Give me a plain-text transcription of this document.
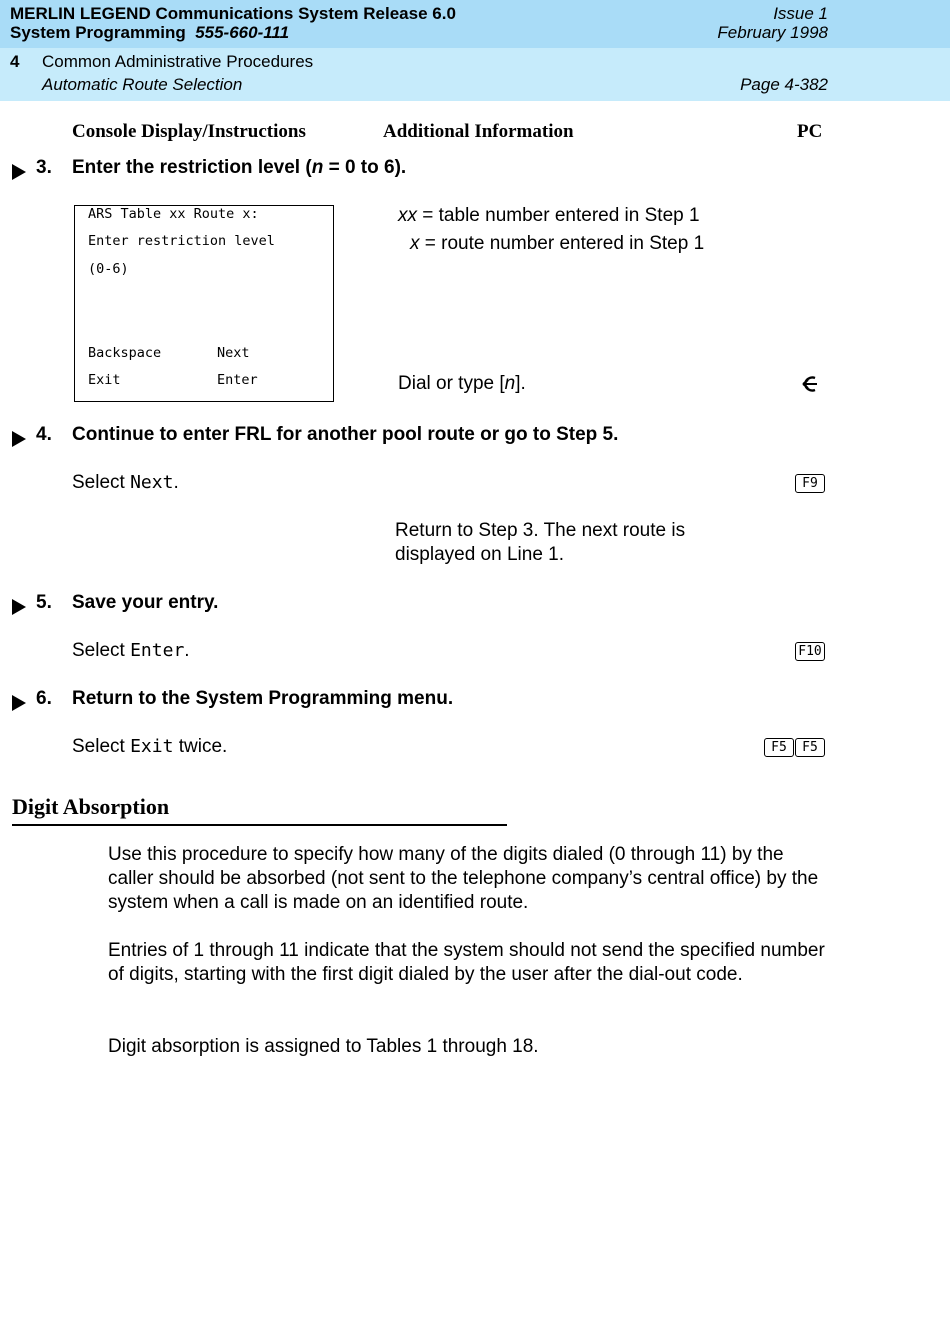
MERLIN LEGEND Communications System Release 6.0
System Programming 555-660-111
Issue 1
February 1998
4 Common Administrative Procedures
Automatic Route Selection	Page 4-382
Console Display/Instructions	Additional Information	PC
3. Enter the restriction level (n = 0 to 6).
ARS Table xx Route x:
Enter restriction level
(0-6)
Backspace	Next
Exit	Enter
xx = table number entered in Step 1
x = route number entered in Step 1
Dial or type [n].
4. Continue to enter FRL for another pool route or go to Step 5.
Select Next.	F9
Return to Step 3. The next route is
displayed on Line 1.
5. Save your entry.
Select Enter.	F10
6. Return to the System Programming menu.
Select Exit twice.	F5	F5
Digit Absorption
Use this procedure to specify how many of the digits dialed (0 through 11) by the caller should be absorbed (not sent to the telephone company’s central office) by the system when a call is made on an identified route.
Entries of 1 through 11 indicate that the system should not send the specified number of digits, starting with the first digit dialed by the user after the dial-out code.
Digit absorption is assigned to Tables 1 through 18.
